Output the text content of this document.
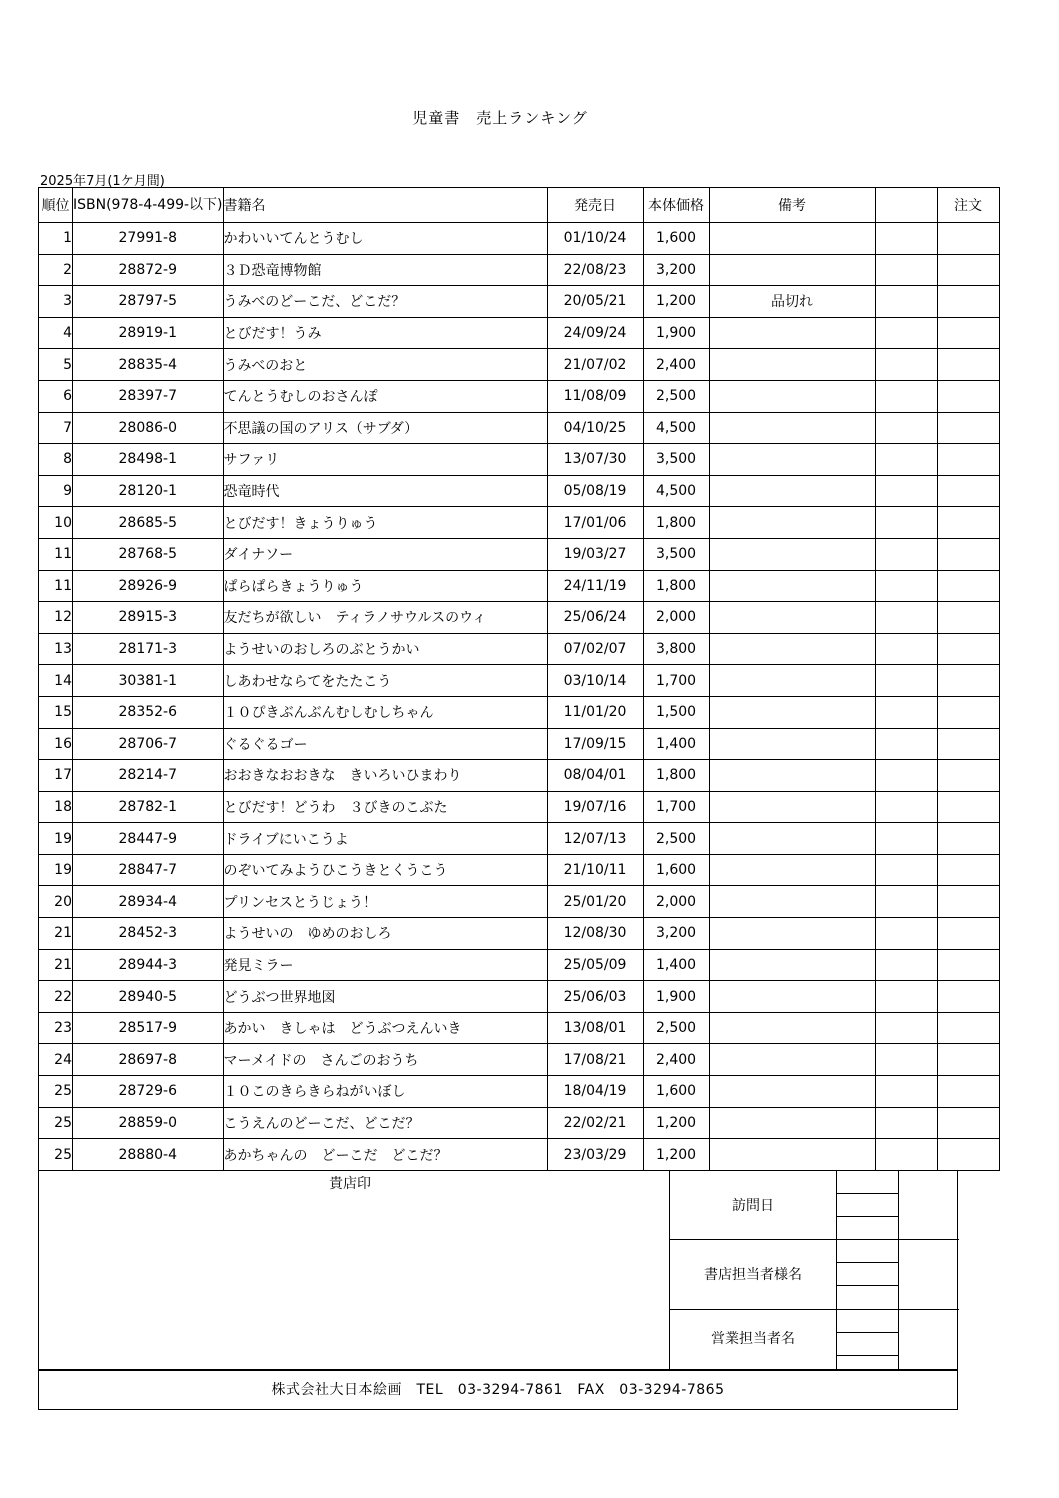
児童書　売上ランキング
2025年7月(1ケ月間)
順位	ISBN(978-4-499-以下)	書籍名	発売日	本体価格	備考		注文
1	27991-8	かわいいてんとうむし	01/10/24	1,600			
2	28872-9	３Ｄ恐竜博物館	22/08/23	3,200			
3	28797-5	うみべのどーこだ、どこだ？	20/05/21	1,200	品切れ		
4	28919-1	とびだす！うみ	24/09/24	1,900			
5	28835-4	うみべのおと	21/07/02	2,400			
6	28397-7	てんとうむしのおさんぽ	11/08/09	2,500			
7	28086-0	不思議の国のアリス（サブダ）	04/10/25	4,500			
8	28498-1	サファリ	13/07/30	3,500			
9	28120-1	恐竜時代	05/08/19	4,500			
10	28685-5	とびだす！きょうりゅう	17/01/06	1,800			
11	28768-5	ダイナソー	19/03/27	3,500			
11	28926-9	ぱらぱらきょうりゅう	24/11/19	1,800			
12	28915-3	友だちが欲しい　ティラノサウルスのウィ	25/06/24	2,000			
13	28171-3	ようせいのおしろのぶとうかい	07/02/07	3,800			
14	30381-1	しあわせならてをたたこう	03/10/14	1,700			
15	28352-6	１０ぴきぶんぶんむしむしちゃん	11/01/20	1,500			
16	28706-7	ぐるぐるゴー	17/09/15	1,400			
17	28214-7	おおきなおおきな　きいろいひまわり	08/04/01	1,800			
18	28782-1	とびだす！どうわ　３びきのこぶた	19/07/16	1,700			
19	28447-9	ドライブにいこうよ	12/07/13	2,500			
19	28847-7	のぞいてみようひこうきとくうこう	21/10/11	1,600			
20	28934-4	プリンセスとうじょう！	25/01/20	2,000			
21	28452-3	ようせいの　ゆめのおしろ	12/08/30	3,200			
21	28944-3	発見ミラー	25/05/09	1,400			
22	28940-5	どうぶつ世界地図	25/06/03	1,900			
23	28517-9	あかい　きしゃは　どうぶつえんいき	13/08/01	2,500			
24	28697-8	マーメイドの　さんごのおうち	17/08/21	2,400			
25	28729-6	１０このきらきらねがいぼし	18/04/19	1,600			
25	28859-0	こうえんのどーこだ、どこだ？	22/02/21	1,200			
25	28880-4	あかちゃんの　どーこだ　どこだ？	23/03/29	1,200			
貴店印
訪問日
書店担当者様名
営業担当者名
株式会社大日本絵画　TEL　03-3294-7861　FAX　03-3294-7865
